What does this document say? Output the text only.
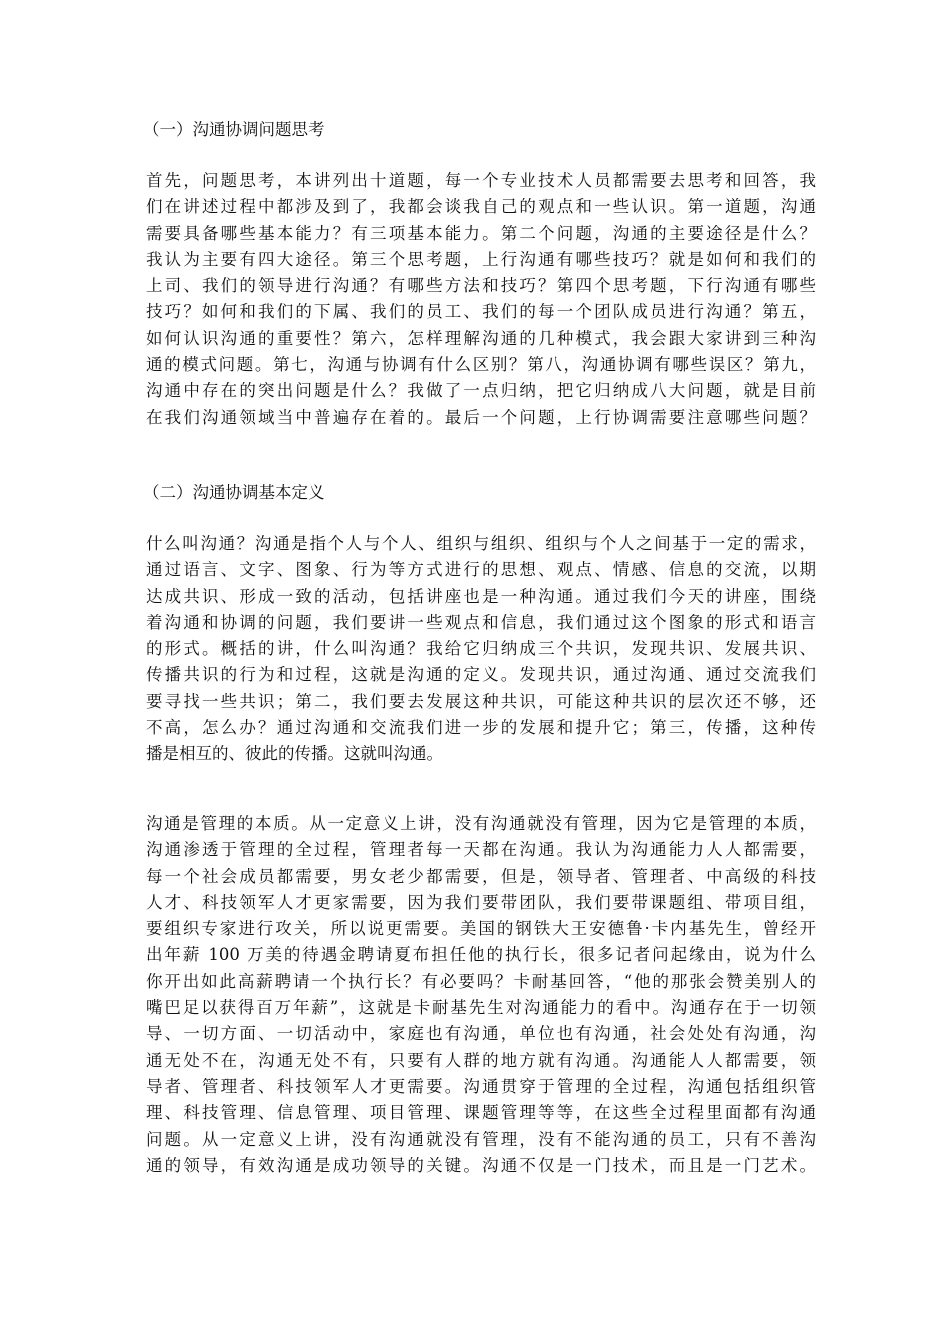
（一）沟通协调问题思考
首先，问题思考，本讲列出十道题，每一个专业技术人员都需要去思考和回答，我
们在讲述过程中都涉及到了，我都会谈我自己的观点和一些认识。第一道题，沟通
需要具备哪些基本能力？有三项基本能力。第二个问题，沟通的主要途径是什么？
我认为主要有四大途径。第三个思考题，上行沟通有哪些技巧？就是如何和我们的
上司、我们的领导进行沟通？有哪些方法和技巧？第四个思考题，下行沟通有哪些
技巧？如何和我们的下属、我们的员工、我们的每一个团队成员进行沟通？第五，
如何认识沟通的重要性？第六，怎样理解沟通的几种模式，我会跟大家讲到三种沟
通的模式问题。第七，沟通与协调有什么区别？第八，沟通协调有哪些误区？第九，
沟通中存在的突出问题是什么？我做了一点归纳，把它归纳成八大问题，就是目前
在我们沟通领域当中普遍存在着的。最后一个问题，上行协调需要注意哪些问题？
（二）沟通协调基本定义
什么叫沟通？沟通是指个人与个人、组织与组织、组织与个人之间基于一定的需求，
通过语言、文字、图象、行为等方式进行的思想、观点、情感、信息的交流，以期
达成共识、形成一致的活动，包括讲座也是一种沟通。通过我们今天的讲座，围绕
着沟通和协调的问题，我们要讲一些观点和信息，我们通过这个图象的形式和语言
的形式。概括的讲，什么叫沟通？我给它归纳成三个共识，发现共识、发展共识、
传播共识的行为和过程，这就是沟通的定义。发现共识，通过沟通、通过交流我们
要寻找一些共识；第二，我们要去发展这种共识，可能这种共识的层次还不够，还
不高，怎么办？通过沟通和交流我们进一步的发展和提升它；第三，传播，这种传
播是相互的、彼此的传播。这就叫沟通。
沟通是管理的本质。从一定意义上讲，没有沟通就没有管理，因为它是管理的本质，
沟通渗透于管理的全过程，管理者每一天都在沟通。我认为沟通能力人人都需要，
每一个社会成员都需要，男女老少都需要，但是，领导者、管理者、中高级的科技
人才、科技领军人才更家需要，因为我们要带团队，我们要带课题组、带项目组，
要组织专家进行攻关，所以说更需要。美国的钢铁大王安德鲁·卡内基先生，曾经开
出年薪 100 万美的待遇金聘请夏布担任他的执行长，很多记者问起缘由，说为什么
你开出如此高薪聘请一个执行长？有必要吗？卡耐基回答，“他的那张会赞美别人的
嘴巴足以获得百万年薪”，这就是卡耐基先生对沟通能力的看中。沟通存在于一切领
导、一切方面、一切活动中，家庭也有沟通，单位也有沟通，社会处处有沟通，沟
通无处不在，沟通无处不有，只要有人群的地方就有沟通。沟通能人人都需要，领
导者、管理者、科技领军人才更需要。沟通贯穿于管理的全过程，沟通包括组织管
理、科技管理、信息管理、项目管理、课题管理等等，在这些全过程里面都有沟通
问题。从一定意义上讲，没有沟通就没有管理，没有不能沟通的员工，只有不善沟
通的领导，有效沟通是成功领导的关键。沟通不仅是一门技术，而且是一门艺术。
